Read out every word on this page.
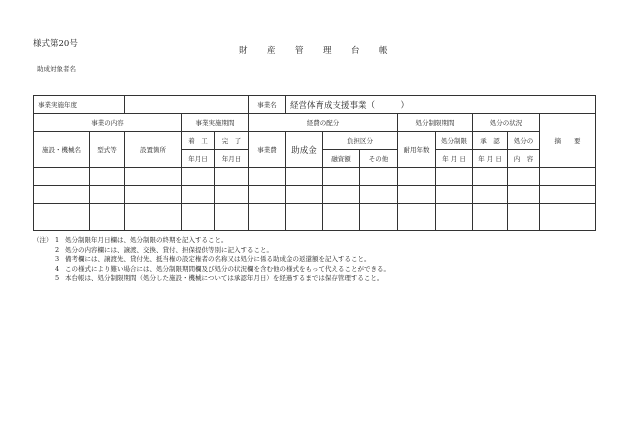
様式第20号
財 産 管 理 台 帳
助成対象者名
事業実施年度					事業名	経営体育成支援事業（　　　）							
事業の内容			事業実施期間		経費の配分				処分制限期間		処分の状況		摘　　要
施設・機械名	型式等	設置箇所	着　工	完　了	事業費	助成金	負担区分		耐用年数	処分制限	承　認	処分の	
			年月日	年月日			融資額	その他		年 月 日	年 月 日	内　容	

（注） 1 処分制限年月日欄は、処分制限の終期を記入すること。
2 処分の内容欄には、譲渡、交換、貸付、担保提供等別に記入すること。
3 備考欄には、譲渡先、貸付先、抵当権の設定権者の名称又は処分に係る助成金の返還額を記入すること。
4 この様式により難い場合には、処分制限期間欄及び処分の状況欄を含む他の様式をもって代えることができる。
5 本台帳は、処分制限期間（処分した施設・機械については承認年月日）を経過するまでは保存管理すること。
